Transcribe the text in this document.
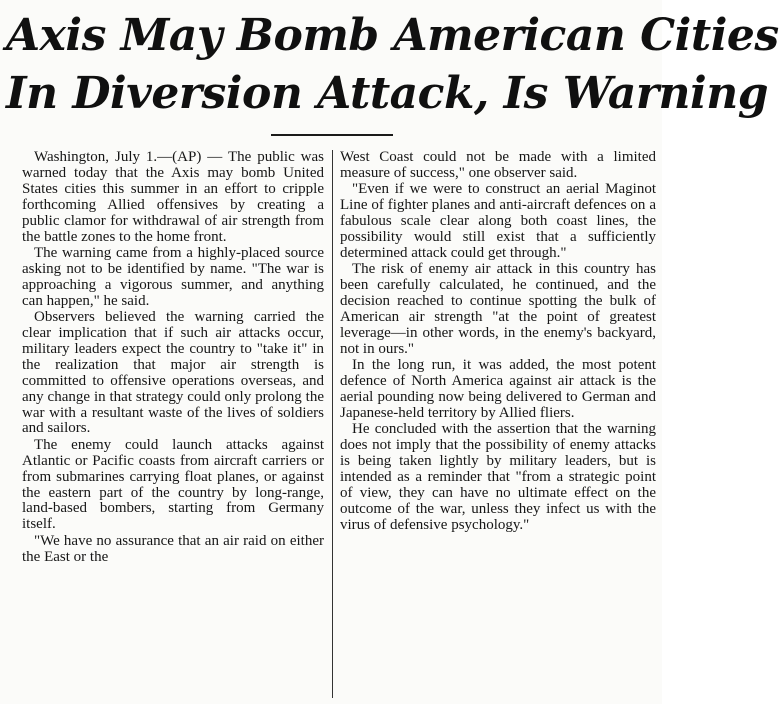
Axis May Bomb American Cities
In Diversion Attack, Is Warning

Washington, July 1.—(AP) — The public was warned today that the Axis may bomb United States cities this summer in an effort to cripple forthcoming Allied offensives by creating a public clamor for withdrawal of air strength from the battle zones to the home front.

The warning came from a highly-placed source asking not to be identified by name. "The war is approaching a vigorous summer, and anything can happen," he said.

Observers believed the warning carried the clear implication that if such air attacks occur, military leaders expect the country to "take it" in the realization that major air strength is committed to offensive operations overseas, and any change in that strategy could only prolong the war with a resultant waste of the lives of soldiers and sailors.

The enemy could launch attacks against Atlantic or Pacific coasts from aircraft carriers or from submarines carrying float planes, or against the eastern part of the country by long-range, land-based bombers, starting from Germany itself.

"We have no assurance that an air raid on either the East or the

West Coast could not be made with a limited measure of success," one observer said.

"Even if we were to construct an aerial Maginot Line of fighter planes and anti-aircraft defences on a fabulous scale clear along both coast lines, the possibility would still exist that a sufficiently determined attack could get through."

The risk of enemy air attack in this country has been carefully calculated, he continued, and the decision reached to continue spotting the bulk of American air strength "at the point of greatest leverage—in other words, in the enemy's backyard, not in ours."

In the long run, it was added, the most potent defence of North America against air attack is the aerial pounding now being delivered to German and Japanese-held territory by Allied fliers.

He concluded with the assertion that the warning does not imply that the possibility of enemy attacks is being taken lightly by military leaders, but is intended as a reminder that "from a strategic point of view, they can have no ultimate effect on the outcome of the war, unless they infect us with the virus of defensive psychology."
